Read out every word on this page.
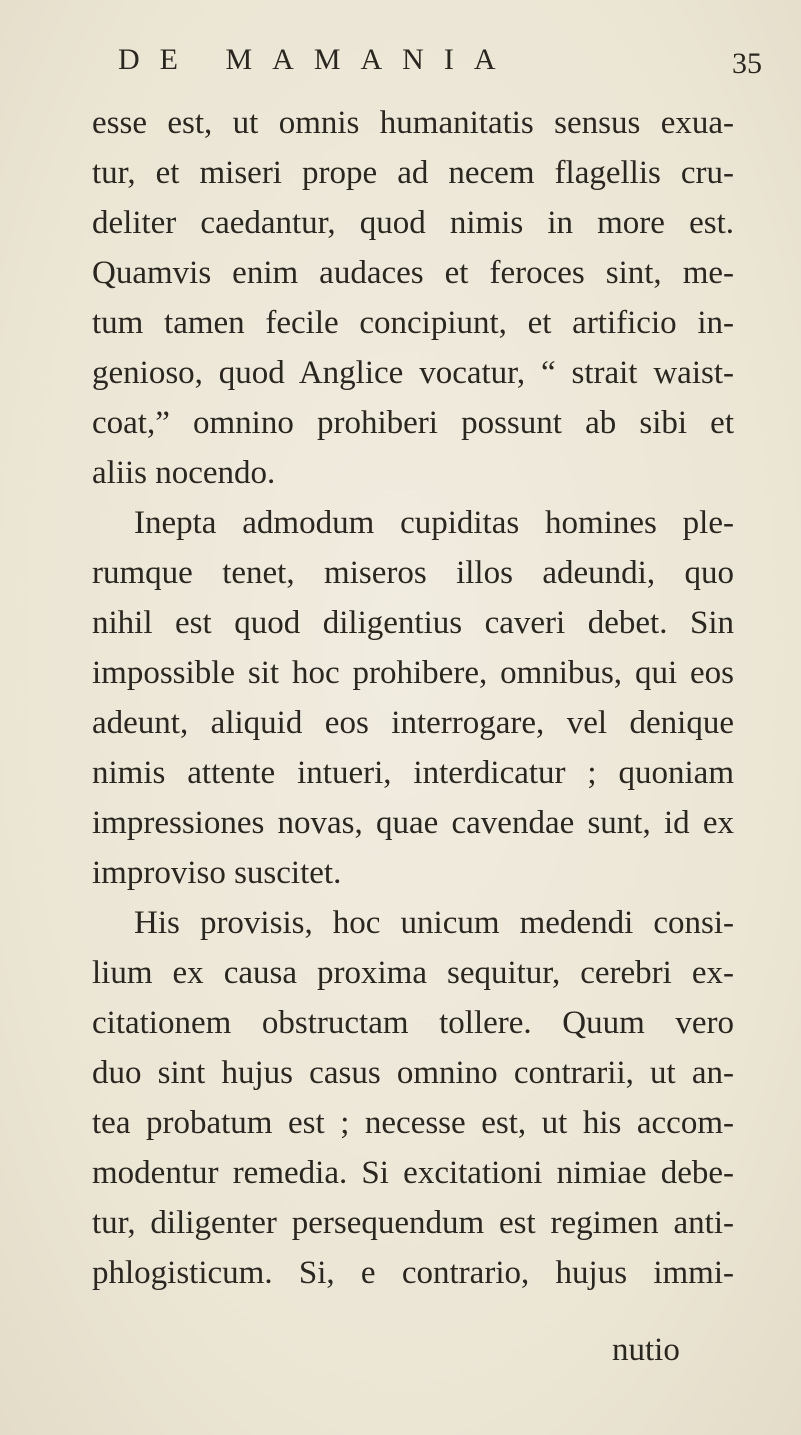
DE MAMANIA	35
esse est, ut omnis humanitatis sensus exua-
tur, et miseri prope ad necem flagellis cru-
deliter caedantur, quod nimis in more est.
Quamvis enim audaces et feroces sint, me-
tum tamen fecile concipiunt, et artificio in-
genioso, quod Anglice vocatur, “ strait waist-
coat,” omnino prohiberi possunt ab sibi et
aliis nocendo.
Inepta admodum cupiditas homines ple-
rumque tenet, miseros illos adeundi, quo
nihil est quod diligentius caveri debet. Sin
impossible sit hoc prohibere, omnibus, qui eos
adeunt, aliquid eos interrogare, vel denique
nimis attente intueri, interdicatur ; quoniam
impressiones novas, quae cavendae sunt, id ex
improviso suscitet.
His provisis, hoc unicum medendi consi-
lium ex causa proxima sequitur, cerebri ex-
citationem obstructam tollere. Quum vero
duo sint hujus casus omnino contrarii, ut an-
tea probatum est ; necesse est, ut his accom-
modentur remedia. Si excitationi nimiae debe-
tur, diligenter persequendum est regimen anti-
phlogisticum. Si, e contrario, hujus immi-
nutio
